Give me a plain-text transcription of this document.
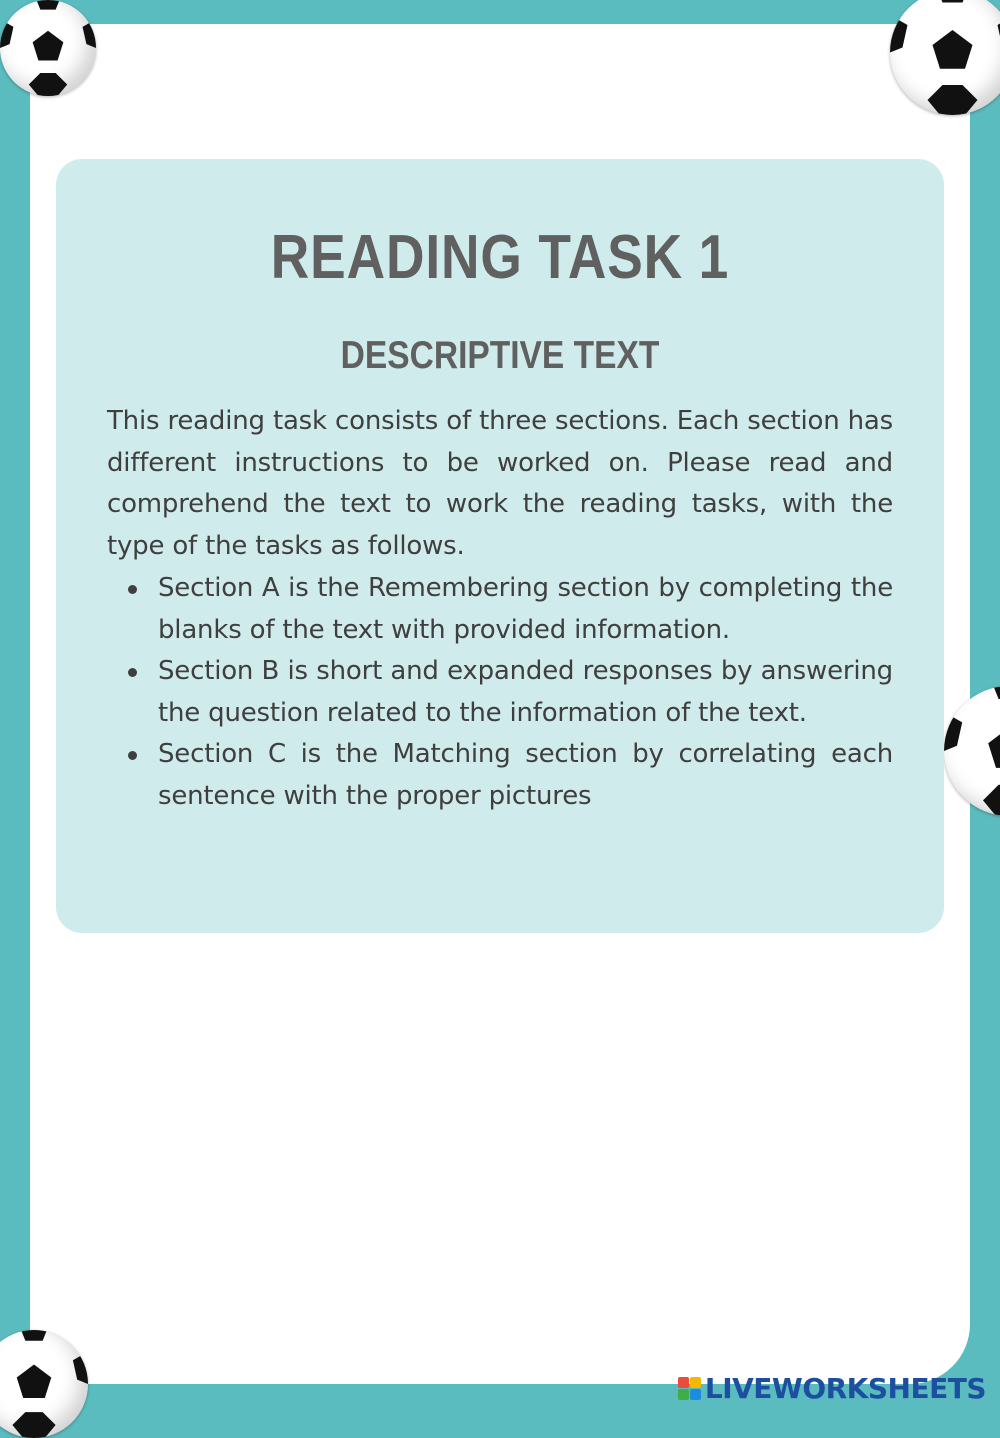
READING TASK 1
DESCRIPTIVE TEXT

This reading task consists of three sections. Each section has different instructions to be worked on. Please read and comprehend the text to work the reading tasks, with the type of the tasks as follows.

Section A is the Remembering section by completing the blanks of the text with provided information.
Section B is short and expanded responses by answering the question related to the information of the text.
Section C is the Matching section by correlating each sentence with the proper pictures
LIVEWORKSHEETS
